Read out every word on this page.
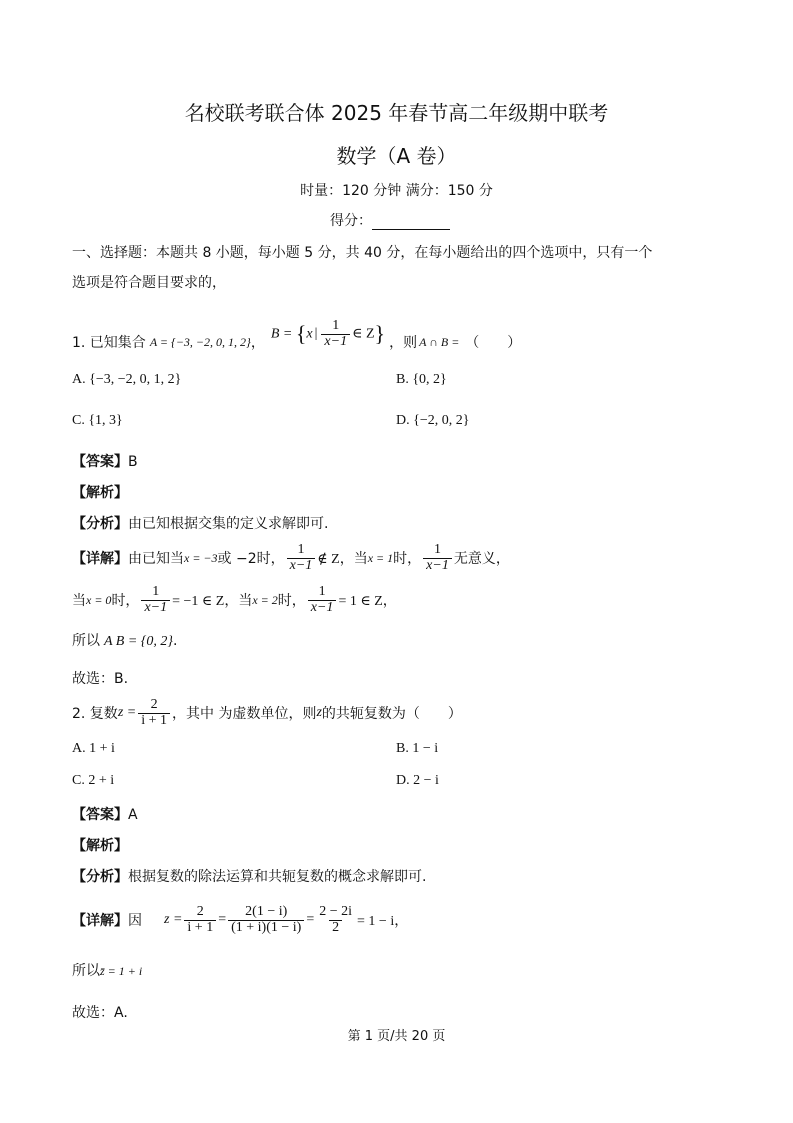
名校联考联合体 2025 年春节高二年级期中联考
数学（A 卷）
时量：120 分钟 满分：150 分
得分：
一、选择题：本题共 8 小题，每小题 5 分，共 40 分，在每小题给出的四个选项中，只有一个
选项是符合题目要求的，
1. 已知集合 A = {−3, −2, 0, 1, 2} ，
B = {x | $\frac{1}{x-1}$ ∈ Z} ，则 A ∩ B = （　　）
A. {−3, −2, 0, 1, 2}	B. {0, 2}
C. {1, 3}	D. {−2, 0, 2}
【答案】B
【解析】
【分析】由已知根据交集的定义求解即可.
【详解】 由已知当 x = −3 或 −2时， $\frac{1}{x-1}$ ∉ Z，当 x = 1 时， $\frac{1}{x-1}$ 无意义，
当 x = 0 时， $\frac{1}{x-1} = -1$ ∈ Z，当 x = 2 时， $\frac{1}{x-1} = 1$ ∈ Z，
所以 A B = {0, 2}.
故选：B.
2. 复数 $z = \frac{2}{i + 1}$ ，其中 为虚数单位，则 z 的共轭复数为（　　）
A. 1 + i	B. 1 − i
C. 2 + i	D. 2 − i
【答案】A
【解析】
【分析】根据复数的除法运算和共轭复数的概念求解即可.
【详解】 因 $z = \frac{2}{i + 1} = \frac{2(1 - i)}{(1 + i)(1 - i)} = \frac{2 - 2i}{2} = 1 - i$，
所以z̄ = 1 + i
故选：A.
第 1 页/共 20 页
